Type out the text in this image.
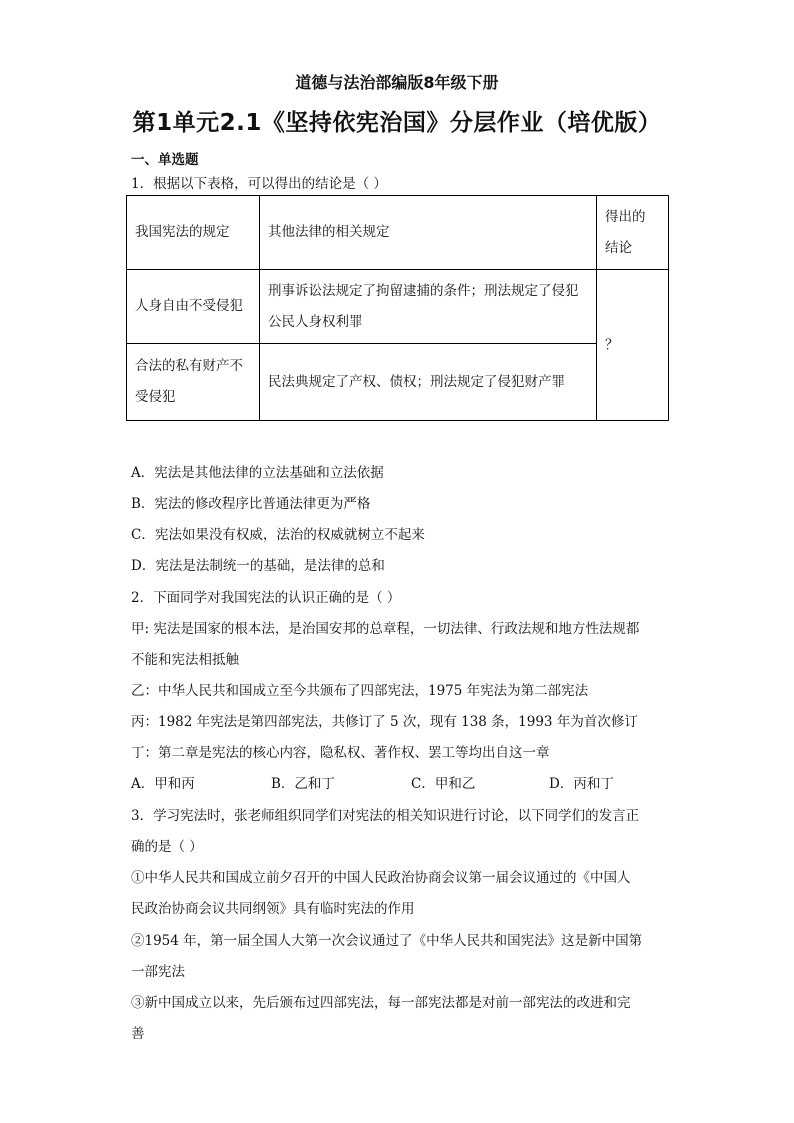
道德与法治部编版8年级下册
第1单元2.1《坚持依宪治国》分层作业（培优版）
一、单选题
1．根据以下表格，可以得出的结论是（ ）
我国宪法的规定	其他法律的相关规定	得出的结论

人身自由不受侵犯	刑事诉讼法规定了拘留逮捕的条件；刑法规定了侵犯公民人身权利罪	？
合法的私有财产不受侵犯	民法典规定了产权、债权；刑法规定了侵犯财产罪	
A．宪法是其他法律的立法基础和立法依据
B．宪法的修改程序比普通法律更为严格
C．宪法如果没有权威，法治的权威就树立不起来
D．宪法是法制统一的基础，是法律的总和
2．下面同学对我国宪法的认识正确的是（ ）
甲: 宪法是国家的根本法，是治国安邦的总章程，一切法律、行政法规和地方性法规都
不能和宪法相抵触
乙：中华人民共和国成立至今共颁布了四部宪法，1975 年宪法为第二部宪法
丙：1982 年宪法是第四部宪法，共修订了 5 次，现有 138 条，1993 年为首次修订
丁：第二章是宪法的核心内容，隐私权、著作权、罢工等均出自这一章
A．甲和丙	B．乙和丁	C．甲和乙	D．丙和丁
3．学习宪法时，张老师组织同学们对宪法的相关知识进行讨论，以下同学们的发言正
确的是（ ）
①中华人民共和国成立前夕召开的中国人民政治协商会议第一届会议通过的《中国人
民政治协商会议共同纲领》具有临时宪法的作用
②1954 年，第一届全国人大第一次会议通过了《中华人民共和国宪法》这是新中国第
一部宪法
③新中国成立以来，先后颁布过四部宪法，每一部宪法都是对前一部宪法的改进和完
善
